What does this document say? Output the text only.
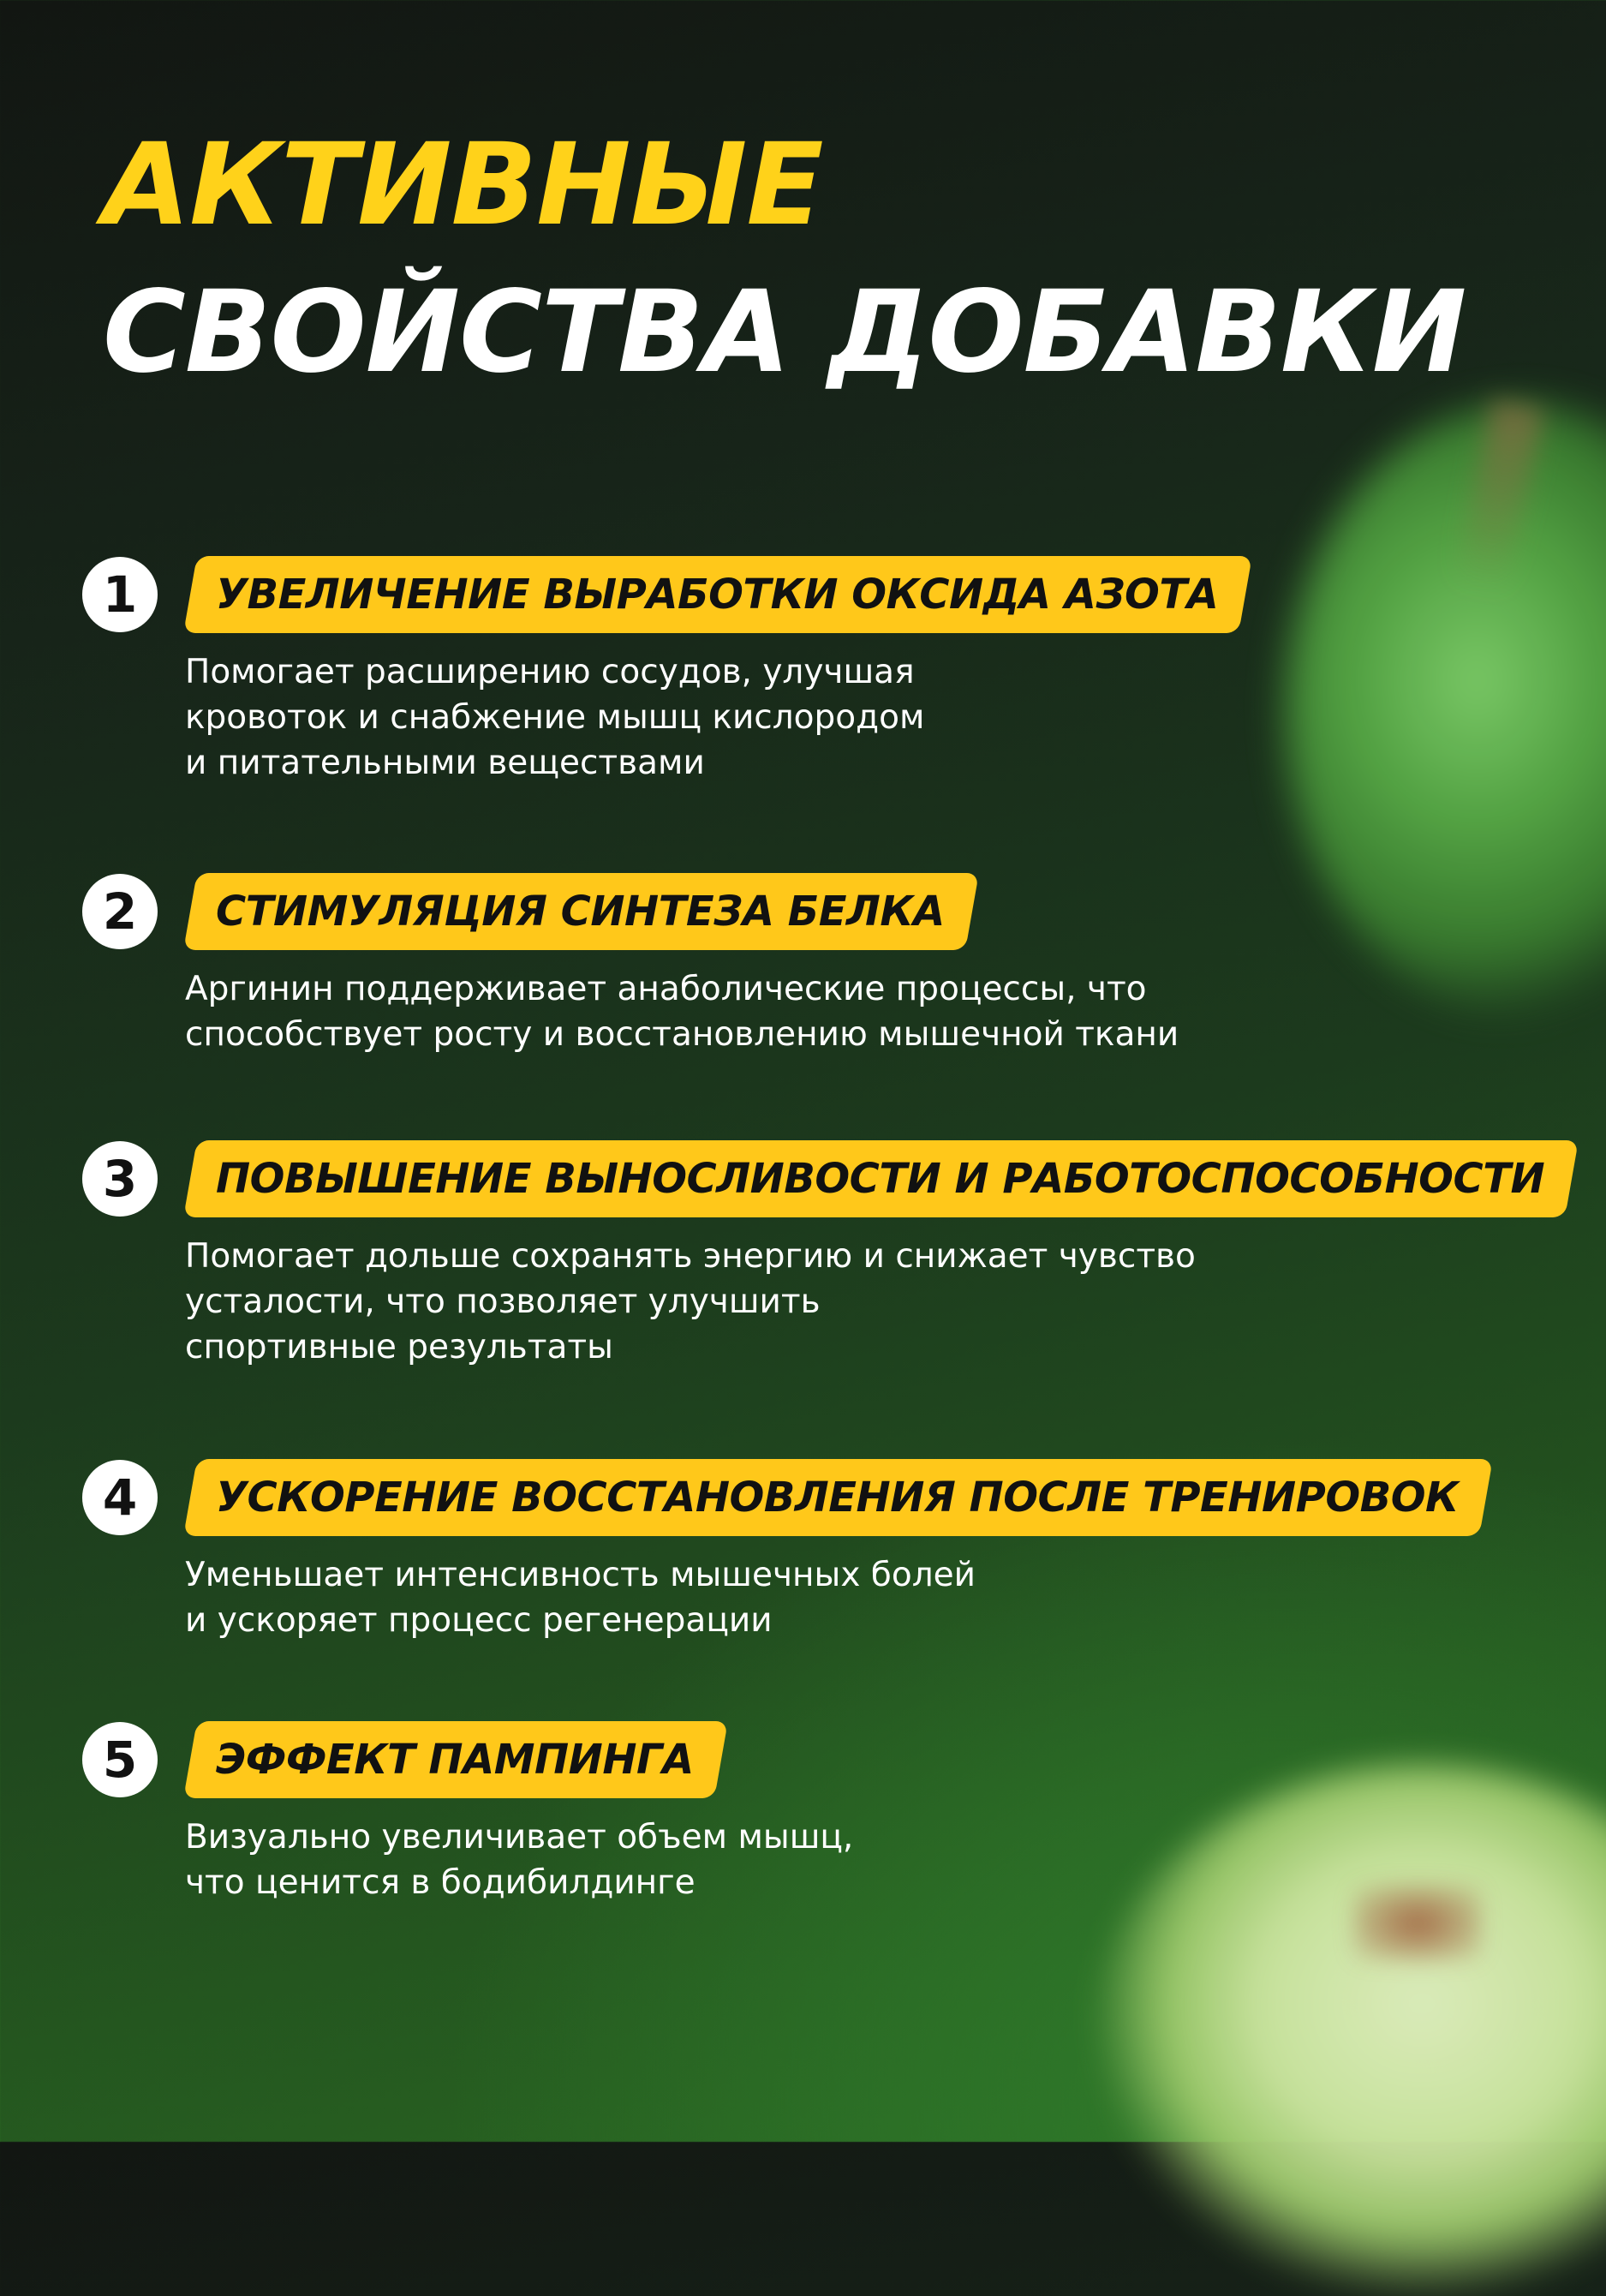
АКТИВНЫЕ
СВОЙСТВА ДОБАВКИ
1	УВЕЛИЧЕНИЕ ВЫРАБОТКИ ОКСИДА АЗОТА
Помогает расширению сосудов, улучшая
кровоток и снабжение мышц кислородом
и питательными веществами
2	СТИМУЛЯЦИЯ СИНТЕЗА БЕЛКА
Аргинин поддерживает анаболические процессы, что
способствует росту и восстановлению мышечной ткани
3	ПОВЫШЕНИЕ ВЫНОСЛИВОСТИ И РАБОТОСПОСОБНОСТИ
Помогает дольше сохранять энергию и снижает чувство
усталости, что позволяет улучшить
спортивные результаты
4	УСКОРЕНИЕ ВОССТАНОВЛЕНИЯ ПОСЛЕ ТРЕНИРОВОК
Уменьшает интенсивность мышечных болей
и ускоряет процесс регенерации
5	ЭФФЕКТ ПАМПИНГА
Визуально увеличивает объем мышц,
что ценится в бодибилдинге
